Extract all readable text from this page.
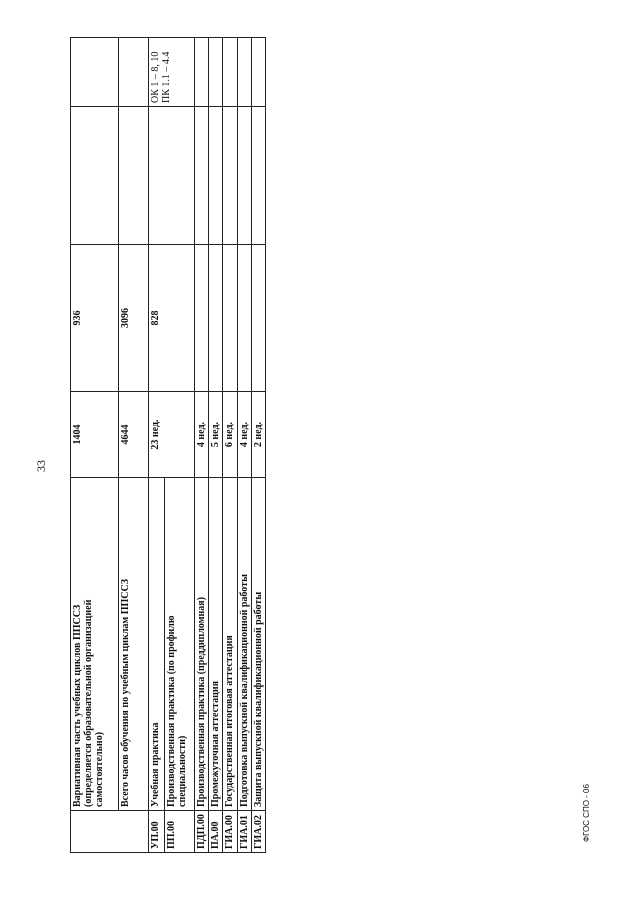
33

	Вариативная часть учебных циклов ППССЗ (определяется образовательной организацией самостоятельно)	1404	936		

	Всего часов обучения по учебным циклам ППССЗ	4644	3096		
УП.00	Учебная практика	23 нед.	828		ОК 1 – 8, 10 ПК 1.1 – 4.4

ПП.00	Производственная практика (по профилю специальности)				

ПДП.00	Производственная практика (преддипломная)	4 нед.			
ПА.00	Промежуточная аттестация	5 нед.			
ГИА.00	Государственная итоговая аттестация	6 нед.			
ГИА.01	Подготовка выпускной квалификационной работы	4 нед.			
ГИА.02	Защита выпускной квалификационной работы	2 нед.			
ФГОС СПО - 06
